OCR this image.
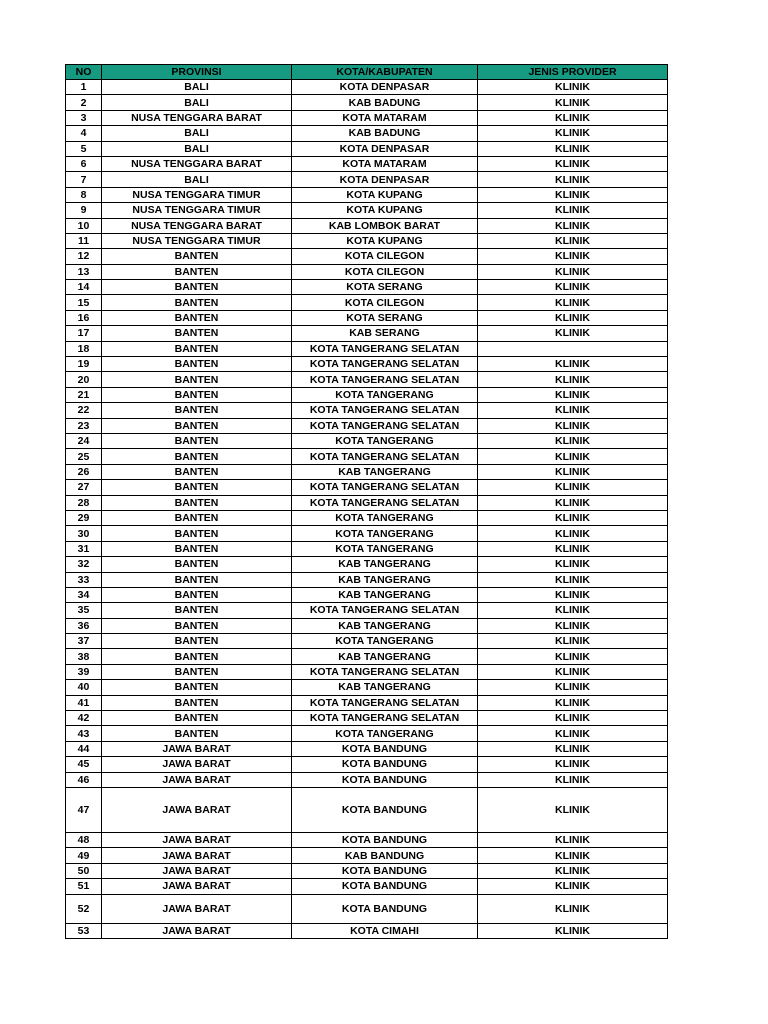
NO	PROVINSI	KOTA/KABUPATEN	JENIS PROVIDER
1	BALI	KOTA DENPASAR	KLINIK
2	BALI	KAB BADUNG	KLINIK
3	NUSA TENGGARA BARAT	KOTA MATARAM	KLINIK
4	BALI	KAB BADUNG	KLINIK
5	BALI	KOTA DENPASAR	KLINIK
6	NUSA TENGGARA BARAT	KOTA MATARAM	KLINIK
7	BALI	KOTA DENPASAR	KLINIK
8	NUSA TENGGARA TIMUR	KOTA KUPANG	KLINIK
9	NUSA TENGGARA TIMUR	KOTA KUPANG	KLINIK
10	NUSA TENGGARA BARAT	KAB LOMBOK BARAT	KLINIK
11	NUSA TENGGARA TIMUR	KOTA KUPANG	KLINIK
12	BANTEN	KOTA CILEGON	KLINIK
13	BANTEN	KOTA CILEGON	KLINIK
14	BANTEN	KOTA SERANG	KLINIK
15	BANTEN	KOTA CILEGON	KLINIK
16	BANTEN	KOTA SERANG	KLINIK
17	BANTEN	KAB SERANG	KLINIK
18	BANTEN	KOTA TANGERANG SELATAN	
19	BANTEN	KOTA TANGERANG SELATAN	KLINIK
20	BANTEN	KOTA TANGERANG SELATAN	KLINIK
21	BANTEN	KOTA TANGERANG	KLINIK
22	BANTEN	KOTA TANGERANG SELATAN	KLINIK
23	BANTEN	KOTA TANGERANG SELATAN	KLINIK
24	BANTEN	KOTA TANGERANG	KLINIK
25	BANTEN	KOTA TANGERANG SELATAN	KLINIK
26	BANTEN	KAB TANGERANG	KLINIK
27	BANTEN	KOTA TANGERANG SELATAN	KLINIK
28	BANTEN	KOTA TANGERANG SELATAN	KLINIK
29	BANTEN	KOTA TANGERANG	KLINIK
30	BANTEN	KOTA TANGERANG	KLINIK
31	BANTEN	KOTA TANGERANG	KLINIK
32	BANTEN	KAB TANGERANG	KLINIK
33	BANTEN	KAB TANGERANG	KLINIK
34	BANTEN	KAB TANGERANG	KLINIK
35	BANTEN	KOTA TANGERANG SELATAN	KLINIK
36	BANTEN	KAB TANGERANG	KLINIK
37	BANTEN	KOTA TANGERANG	KLINIK
38	BANTEN	KAB TANGERANG	KLINIK
39	BANTEN	KOTA TANGERANG SELATAN	KLINIK
40	BANTEN	KAB TANGERANG	KLINIK
41	BANTEN	KOTA TANGERANG SELATAN	KLINIK
42	BANTEN	KOTA TANGERANG SELATAN	KLINIK
43	BANTEN	KOTA TANGERANG	KLINIK
44	JAWA BARAT	KOTA BANDUNG	KLINIK
45	JAWA BARAT	KOTA BANDUNG	KLINIK
46	JAWA BARAT	KOTA BANDUNG	KLINIK
47	JAWA BARAT	KOTA BANDUNG	KLINIK
48	JAWA BARAT	KOTA BANDUNG	KLINIK
49	JAWA BARAT	KAB BANDUNG	KLINIK
50	JAWA BARAT	KOTA BANDUNG	KLINIK
51	JAWA BARAT	KOTA BANDUNG	KLINIK
52	JAWA BARAT	KOTA BANDUNG	KLINIK
53	JAWA BARAT	KOTA CIMAHI	KLINIK
